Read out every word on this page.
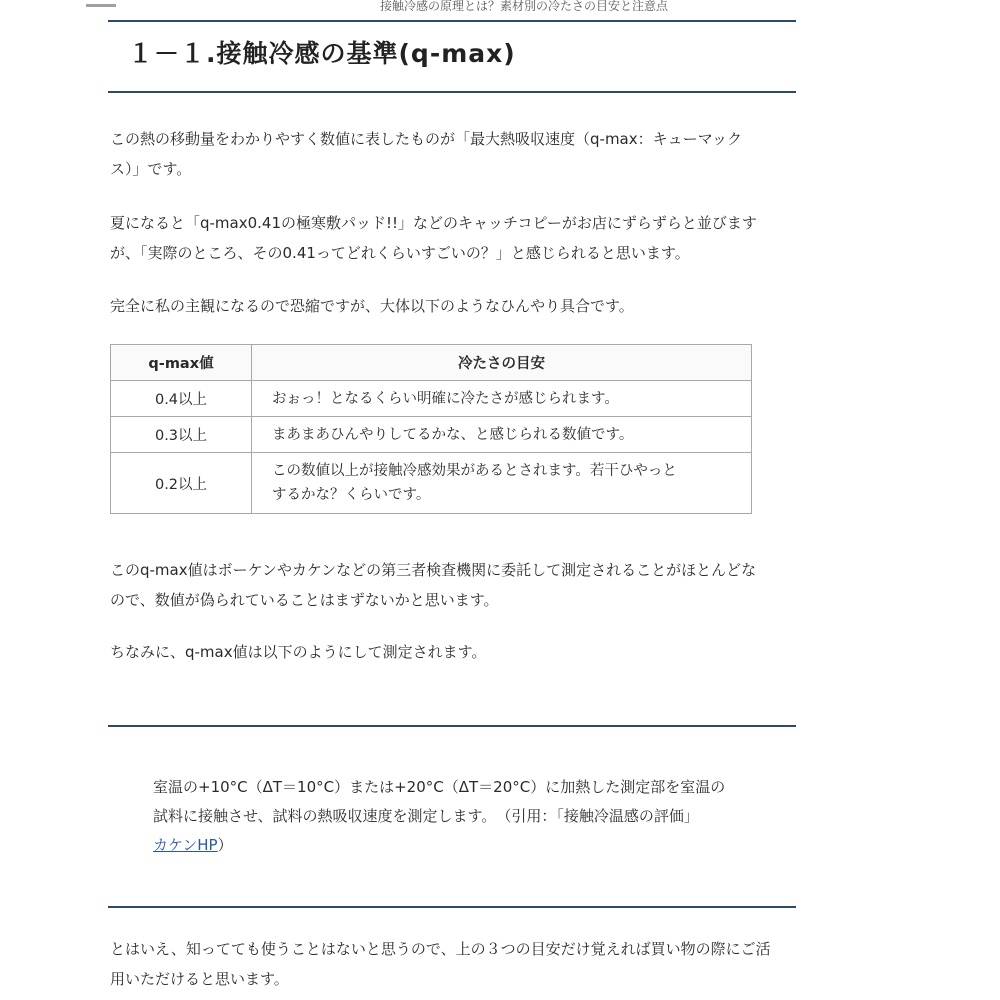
接触冷感の原理とは？素材別の冷たさの目安と注意点
１－１.接触冷感の基準(q-max)
この熱の移動量をわかりやすく数値に表したものが「最大熱吸収速度（q-max：キューマック
ス）」です。
夏になると「q-max0.41の極寒敷パッド!!」などのキャッチコピーがお店にずらずらと並びます
が、「実際のところ、その0.41ってどれくらいすごいの？」と感じられると思います。
完全に私の主観になるので恐縮ですが、大体以下のようなひんやり具合です。
q-max値	冷たさの目安
0.4以上	おぉっ！となるくらい明確に冷たさが感じられます。

0.3以上	まあまあひんやりしてるかな、と感じられる数値です。

0.2以上	この数値以上が接触冷感効果があるとされます。若干ひやっと
するかな？くらいです。
このq-max値はボーケンやカケンなどの第三者検査機関に委託して測定されることがほとんどな
ので、数値が偽られていることはまずないかと思います。
ちなみに、q-max値は以下のようにして測定されます。
室温の+10°C（ΔT＝10°C）または+20°C（ΔT＝20°C）に加熱した測定部を室温の
試料に接触させ、試料の熱吸収速度を測定します。　（引用：「接触冷温感の評価」
カケンHP）
とはいえ、知ってても使うことはないと思うので、上の３つの目安だけ覚えれば買い物の際にご活
用いただけると思います。
